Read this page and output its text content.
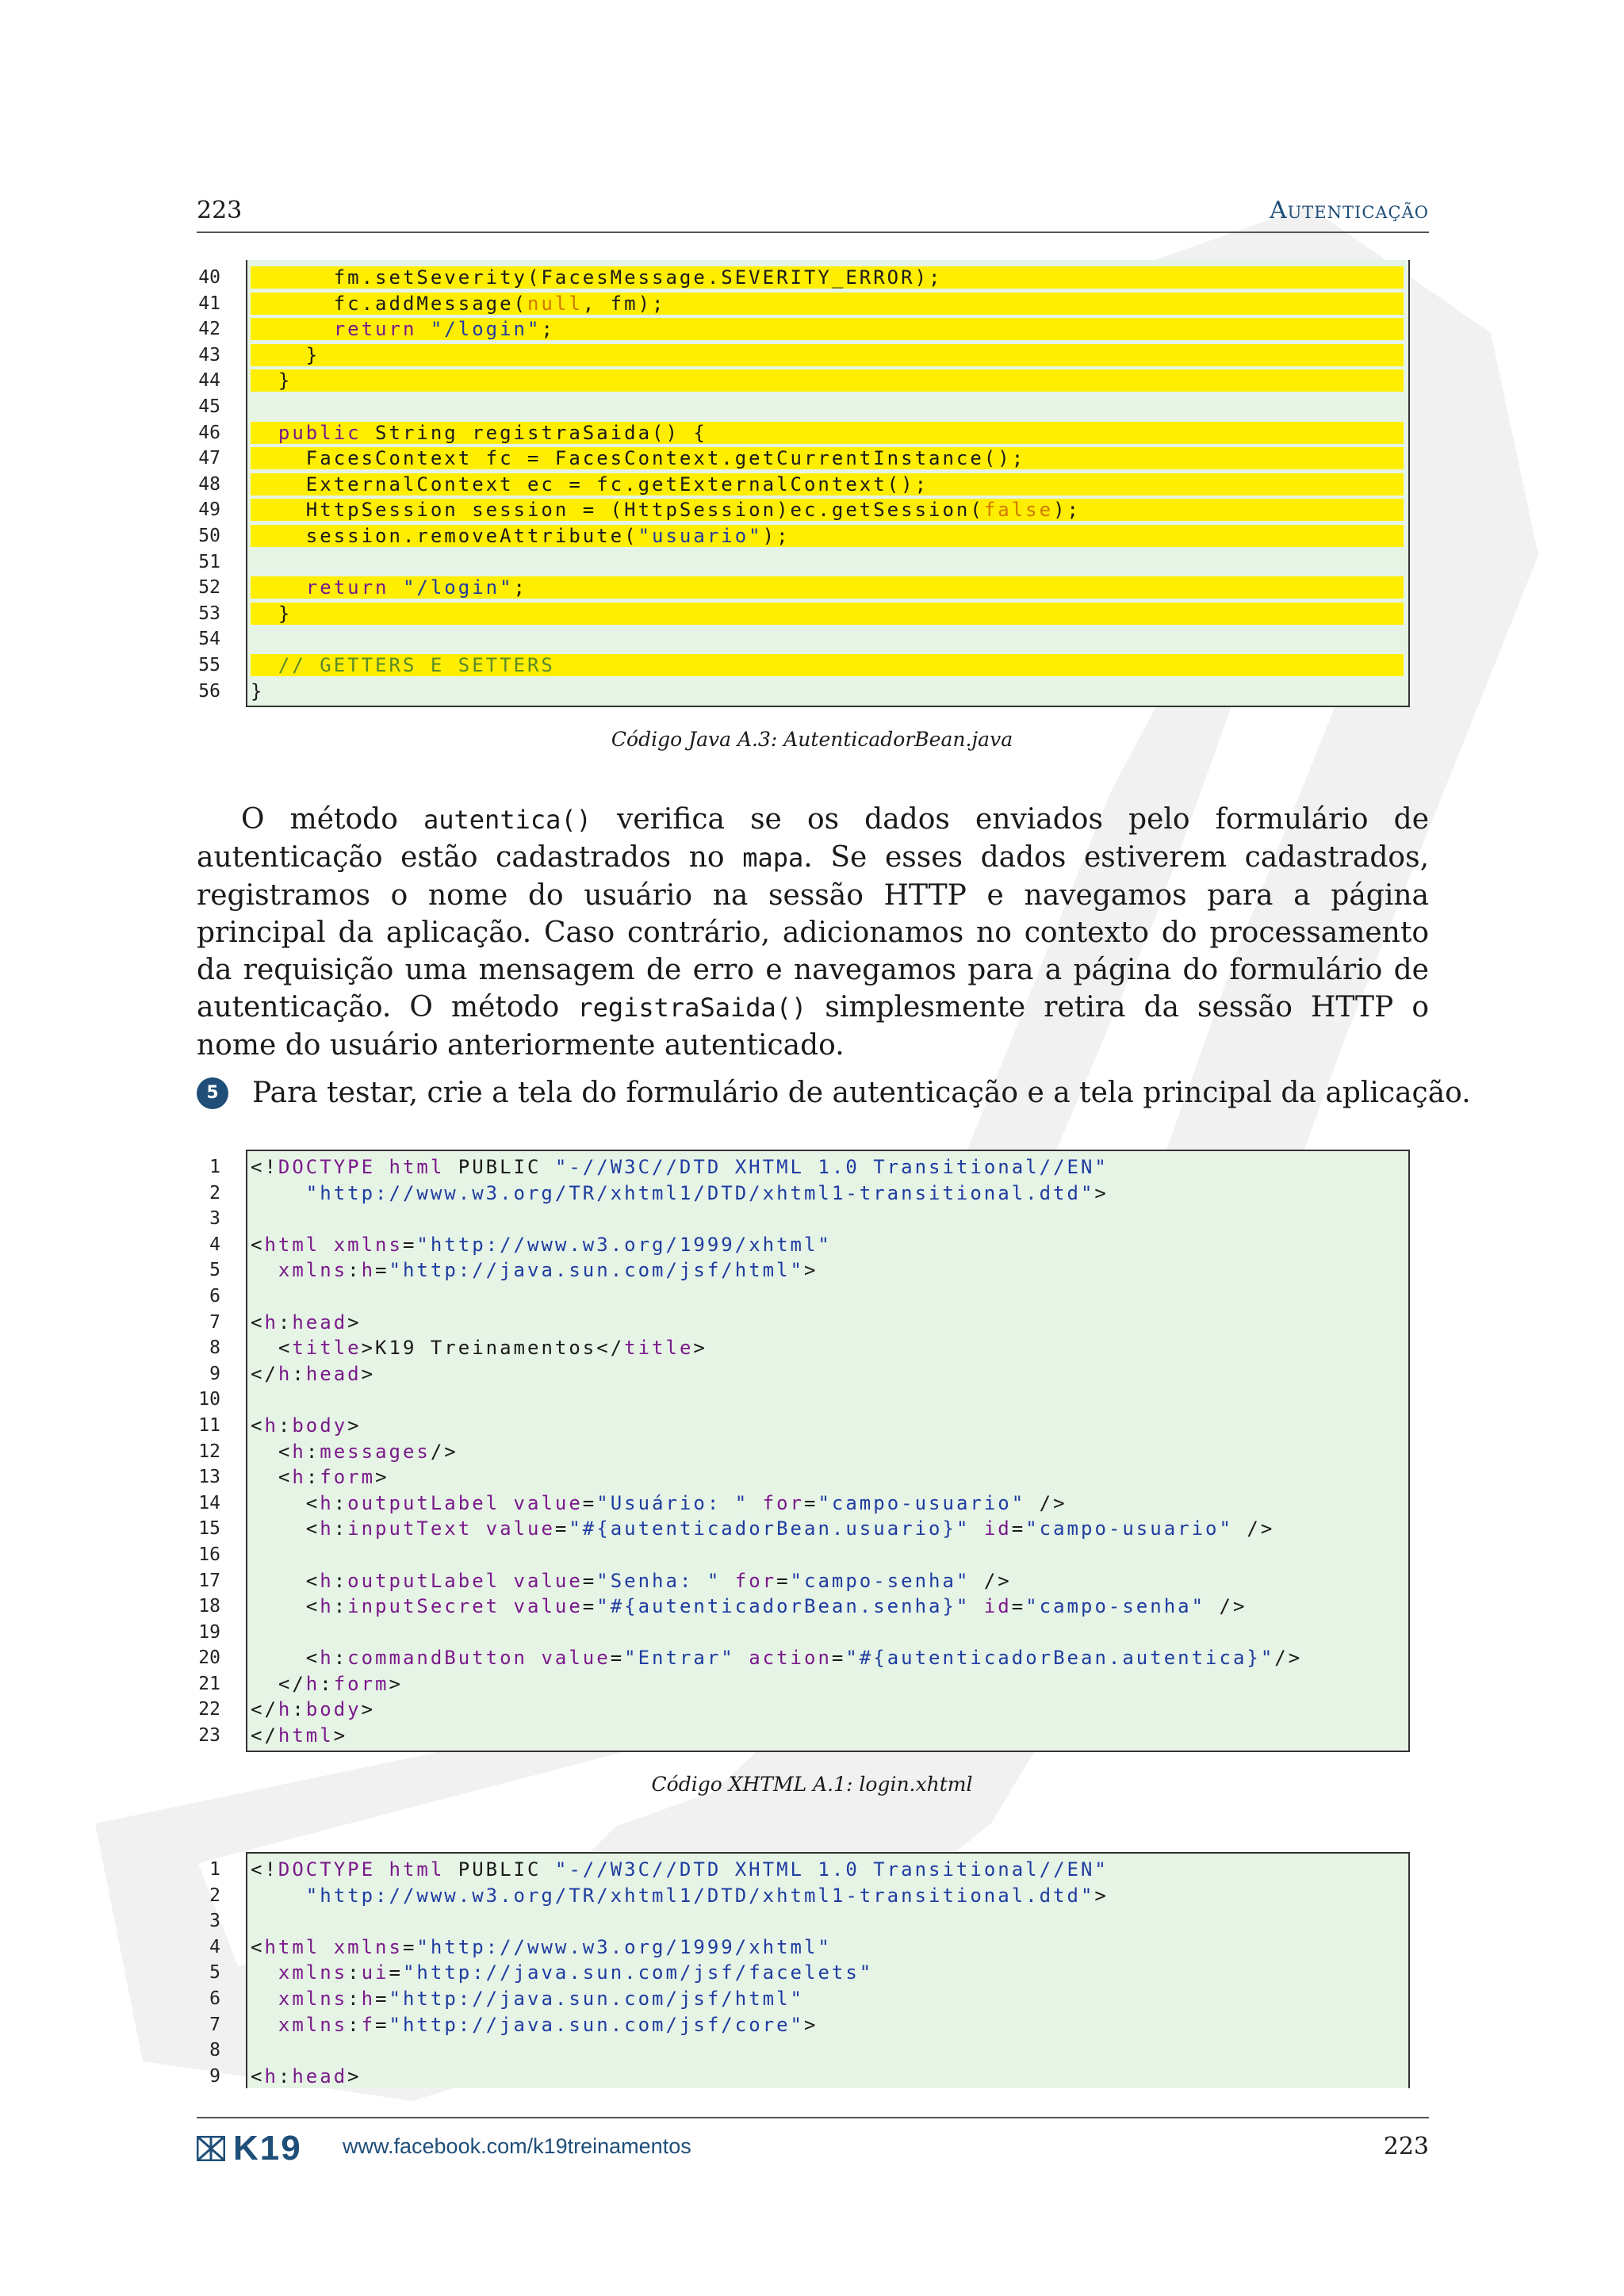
223	Autenticação
40 fm.setSeverity(FacesMessage.SEVERITY_ERROR);
41 fc.addMessage(null, fm);
42 return "/login";
43 }
44 }
45
46 public String registraSaida() {
47 FacesContext fc = FacesContext.getCurrentInstance();
48 ExternalContext ec = fc.getExternalContext();
49 HttpSession session = (HttpSession)ec.getSession(false);
50 session.removeAttribute("usuario");
51
52 return "/login";
53 }
54
55 // GETTERS E SETTERS
56 }
Código Java A.3: AutenticadorBean.java
O método autentica() verifica se os dados enviados pelo formulário de autenticação estão cadastrados no mapa. Se esses dados estiverem cadastrados, registramos o nome do usuário na sessão HTTP e navegamos para a página principal da aplicação. Caso contrário, adicionamos no contexto do processamento da requisição uma mensagem de erro e navegamos para a página do formulário de autenticação. O método registraSaida() simplesmente retira da sessão HTTP o nome do usuário anteriormente autenticado.
5	Para testar, crie a tela do formulário de autenticação e a tela principal da aplicação.
1 <!DOCTYPE html PUBLIC "-//W3C//DTD XHTML 1.0 Transitional//EN"
2 "http://www.w3.org/TR/xhtml1/DTD/xhtml1-transitional.dtd">
3
4 <html xmlns="http://www.w3.org/1999/xhtml"
5 xmlns:h="http://java.sun.com/jsf/html">
6
7 <h:head>
8 <title>K19 Treinamentos</title>
9 </h:head>
10
11 <h:body>
12 <h:messages/>
13 <h:form>
14 <h:outputLabel value="Usuário: " for="campo-usuario" />
15 <h:inputText value="#{autenticadorBean.usuario}" id="campo-usuario" />
16
17 <h:outputLabel value="Senha: " for="campo-senha" />
18 <h:inputSecret value="#{autenticadorBean.senha}" id="campo-senha" />
19
20 <h:commandButton value="Entrar" action="#{autenticadorBean.autentica}"/>
21 </h:form>
22 </h:body>
23 </html>
Código XHTML A.1: login.xhtml
1 <!DOCTYPE html PUBLIC "-//W3C//DTD XHTML 1.0 Transitional//EN"
2 "http://www.w3.org/TR/xhtml1/DTD/xhtml1-transitional.dtd">
3
4 <html xmlns="http://www.w3.org/1999/xhtml"
5 xmlns:ui="http://java.sun.com/jsf/facelets"
6 xmlns:h="http://java.sun.com/jsf/html"
7 xmlns:f="http://java.sun.com/jsf/core">
8
9 <h:head>
K19 www.facebook.com/k19treinamentos	223
